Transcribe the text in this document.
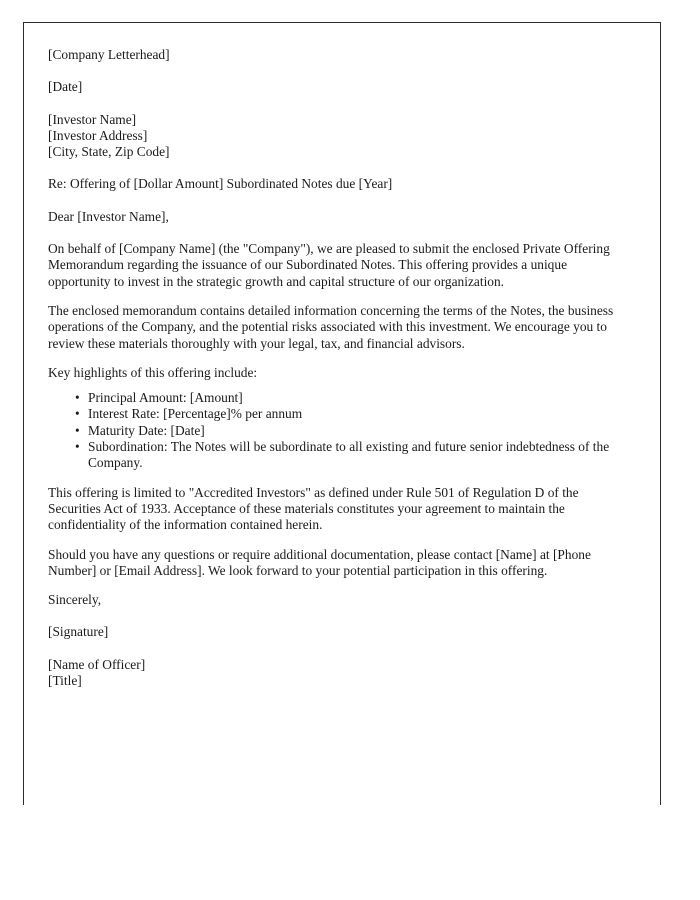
[Company Letterhead]
[Date]
[Investor Name]
[Investor Address]
[City, State, Zip Code]
Re: Offering of [Dollar Amount] Subordinated Notes due [Year]
Dear [Investor Name],
On behalf of [Company Name] (the "Company"), we are pleased to submit the enclosed Private Offering Memorandum regarding the issuance of our Subordinated Notes. This offering provides a unique opportunity to invest in the strategic growth and capital structure of our organization.
The enclosed memorandum contains detailed information concerning the terms of the Notes, the business operations of the Company, and the potential risks associated with this investment. We encourage you to review these materials thoroughly with your legal, tax, and financial advisors.
Key highlights of this offering include:
• Principal Amount: [Amount]
• Interest Rate: [Percentage]% per annum
• Maturity Date: [Date]
• Subordination: The Notes will be subordinate to all existing and future senior indebtedness of the Company.
This offering is limited to "Accredited Investors" as defined under Rule 501 of Regulation D of the Securities Act of 1933. Acceptance of these materials constitutes your agreement to maintain the confidentiality of the information contained herein.
Should you have any questions or require additional documentation, please contact [Name] at [Phone Number] or [Email Address]. We look forward to your potential participation in this offering.
Sincerely,
[Signature]
[Name of Officer]
[Title]
